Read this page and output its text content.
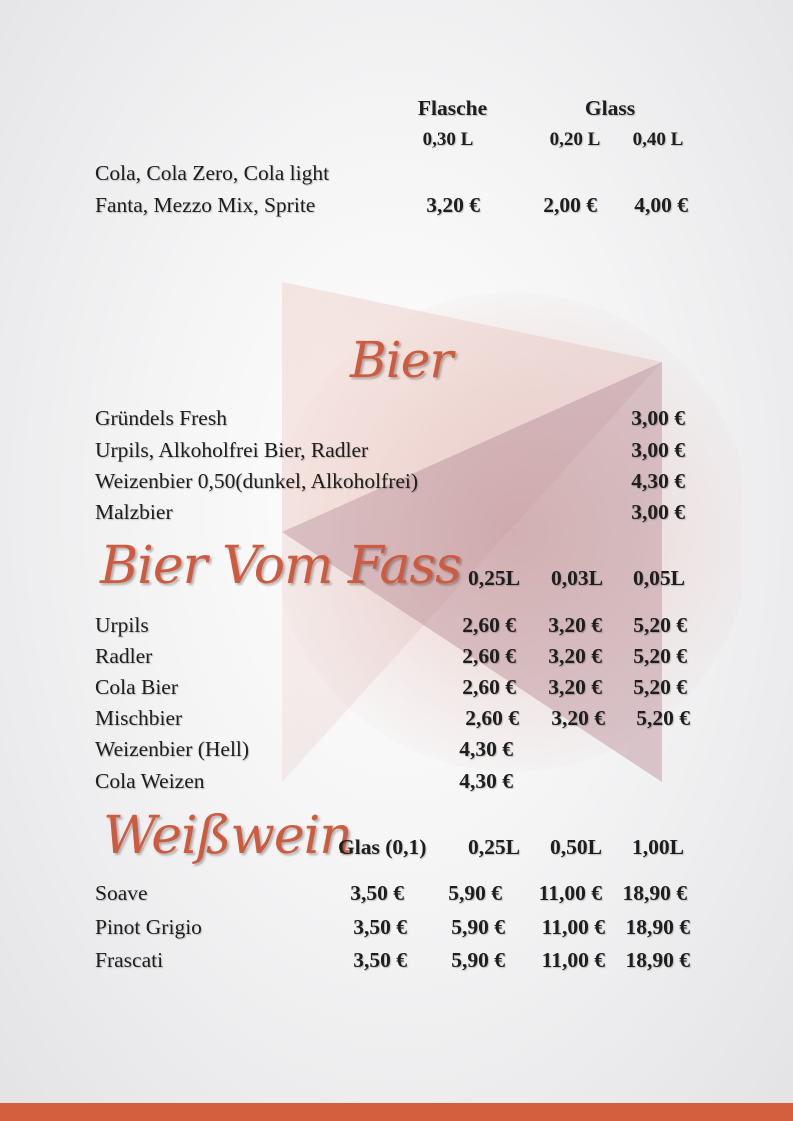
Flasche	Glass
0,30 L	0,20 L	0,40 L
Cola, Cola Zero, Cola light
Fanta, Mezzo Mix, Sprite	3,20 €	2,00 €	4,00 €
Bier
Gründels Fresh	3,00 €
Urpils, Alkoholfrei Bier, Radler	3,00 €
Weizenbier 0,50(dunkel, Alkoholfrei)	4,30 €
Malzbier	3,00 €
Bier Vom Fass 0,25L	0,03L	0,05L
Urpils	2,60 €	3,20 €	5,20 €
Radler	2,60 €	3,20 €	5,20 €
Cola Bier	2,60 €	3,20 €	5,20 €
Mischbier	2,60 €	3,20 €	5,20 €
Weizenbier (Hell)	4,30 €
Cola Weizen	4,30 €
Weißwein
Glas (0,1)	0,25L	0,50L	1,00L
Soave	3,50 €	5,90 €	11,00 € 18,90 €
Pinot Grigio	3,50 €	5,90 €	11,00 € 18,90 €
Frascati	3,50 €	5,90 €	11,00 € 18,90 €
